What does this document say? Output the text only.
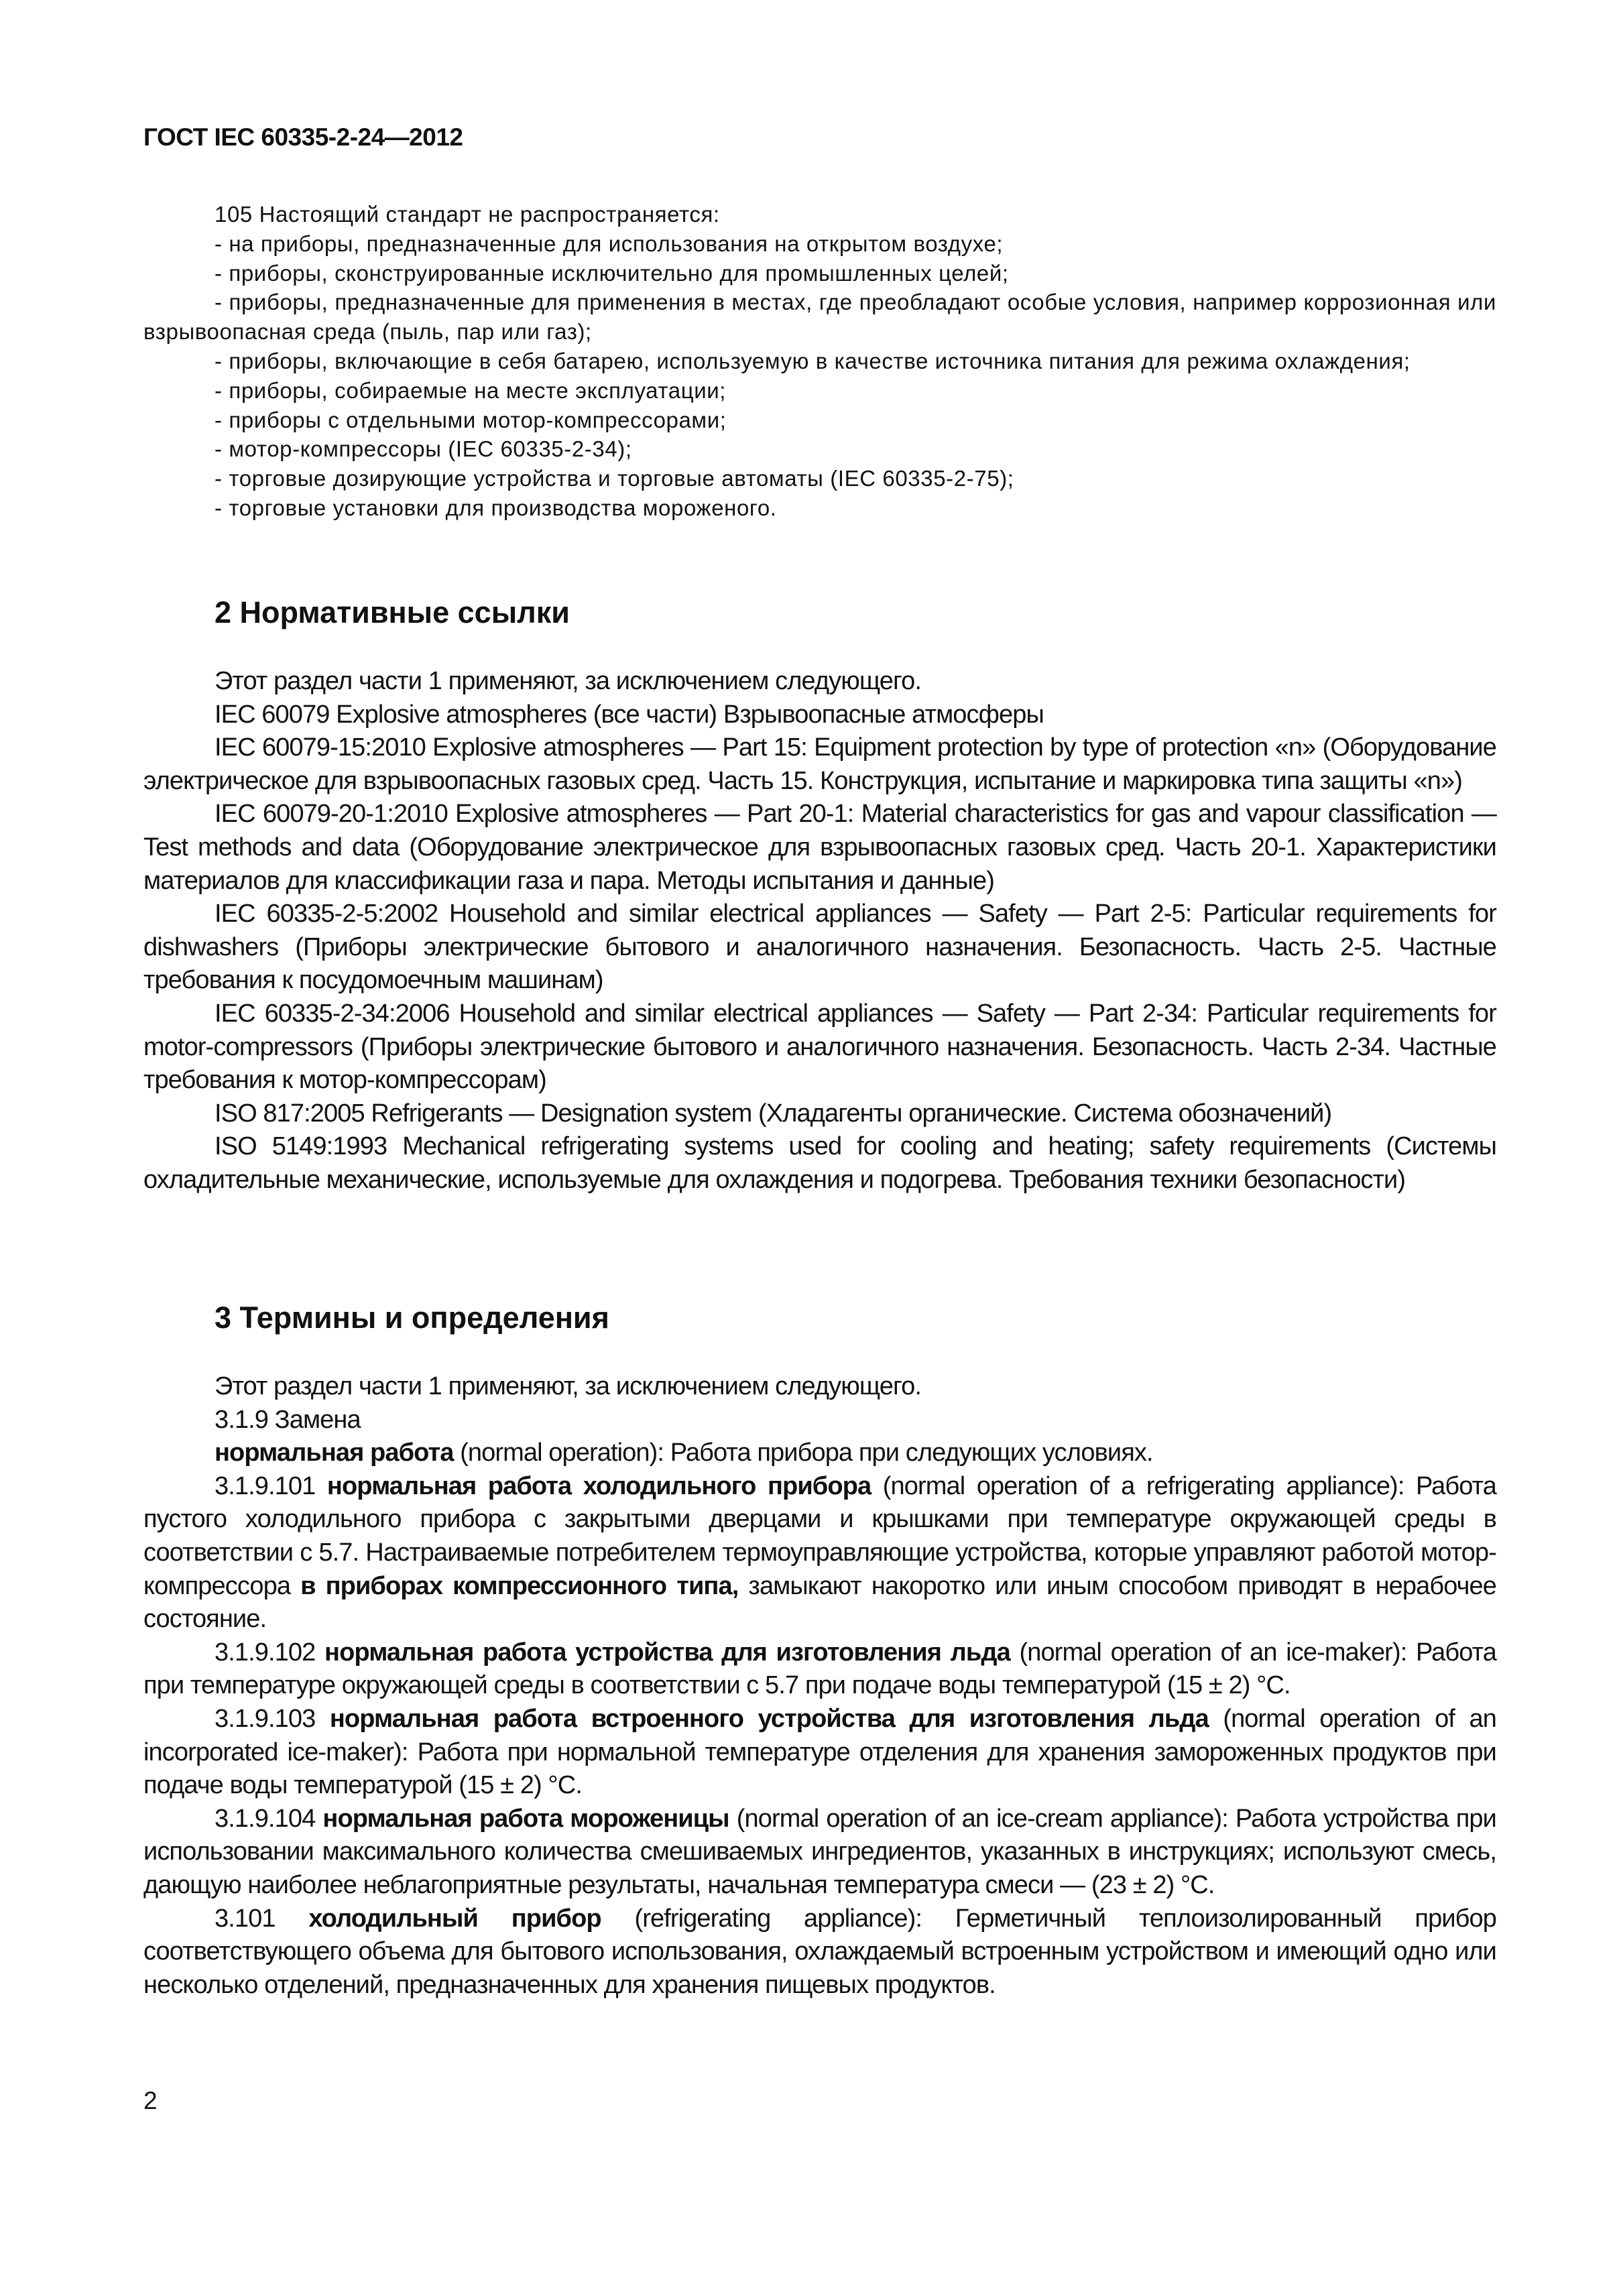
ГОСТ IEC 60335-2-24—2012

105 Настоящий стандарт не распространяется:

- на приборы, предназначенные для использования на открытом воздухе;

- приборы, сконструированные исключительно для промышленных целей;

- приборы, предназначенные для применения в местах, где преобладают особые условия, например коррозионная или взрывоопасная среда (пыль, пар или газ);

- приборы, включающие в себя батарею, используемую в качестве источника питания для режима охлаждения;

- приборы, собираемые на месте эксплуатации;

- приборы с отдельными мотор-компрессорами;

- мотор-компрессоры (IEC 60335-2-34);

- торговые дозирующие устройства и торговые автоматы (IEC 60335-2-75);

- торговые установки для производства мороженого.

2 Нормативные ссылки

Этот раздел части 1 применяют, за исключением следующего.

IEC 60079 Explosive atmospheres (все части) Взрывоопасные атмосферы

IEC 60079-15:2010 Explosive atmospheres — Part 15: Equipment protection by type of protection «n» (Оборудование электрическое для взрывоопасных газовых сред. Часть 15. Конструкция, испытание и маркировка типа защиты «n»)

IEC 60079-20-1:2010 Explosive atmospheres — Part 20-1: Material characteristics for gas and vapour classification — Test methods and data (Оборудование электрическое для взрывоопасных газовых сред. Часть 20-1. Характеристики материалов для классификации газа и пара. Методы испытания и данные)

IEC 60335-2-5:2002 Household and similar electrical appliances — Safety — Part 2-5: Particular requirements for dishwashers (Приборы электрические бытового и аналогичного назначения. Безопасность. Часть 2-5. Частные требования к посудомоечным машинам)

IEC 60335-2-34:2006 Household and similar electrical appliances — Safety — Part 2-34: Particular requirements for motor-compressors (Приборы электрические бытового и аналогичного назначения. Безопасность. Часть 2-34. Частные требования к мотор-компрессорам)

ISO 817:2005 Refrigerants — Designation system (Хладагенты органические. Система обозначений)

ISO 5149:1993 Mechanical refrigerating systems used for cooling and heating; safety requirements (Системы охладительные механические, используемые для охлаждения и подогрева. Требования техники безопасности)

3 Термины и определения

Этот раздел части 1 применяют, за исключением следующего.

3.1.9 Замена

нормальная работа (normal operation): Работа прибора при следующих условиях.

3.1.9.101 нормальная работа холодильного прибора (normal operation of a refrigerating appliance): Работа пустого холодильного прибора с закрытыми дверцами и крышками при температуре окружающей среды в соответствии с 5.7. Настраиваемые потребителем термоуправляющие устройства, которые управляют работой мотор-компрессора в приборах компрессионного типа, замыкают накоротко или иным способом приводят в нерабочее состояние.

3.1.9.102 нормальная работа устройства для изготовления льда (normal operation of an ice-maker): Работа при температуре окружающей среды в соответствии с 5.7 при подаче воды температурой (15 ± 2) °С.

3.1.9.103 нормальная работа встроенного устройства для изготовления льда (normal operation of an incorporated ice-maker): Работа при нормальной температуре отделения для хранения замороженных продуктов при подаче воды температурой (15 ± 2) °С.

3.1.9.104 нормальная работа мороженицы (normal operation of an ice-cream appliance): Работа устройства при использовании максимального количества смешиваемых ингредиентов, указанных в инструкциях; используют смесь, дающую наиболее неблагоприятные результаты, начальная температура смеси — (23 ± 2) °С.

3.101 холодильный прибор (refrigerating appliance): Герметичный теплоизолированный прибор соответствующего объема для бытового использования, охлаждаемый встроенным устройством и имеющий одно или несколько отделений, предназначенных для хранения пищевых продуктов.

2
